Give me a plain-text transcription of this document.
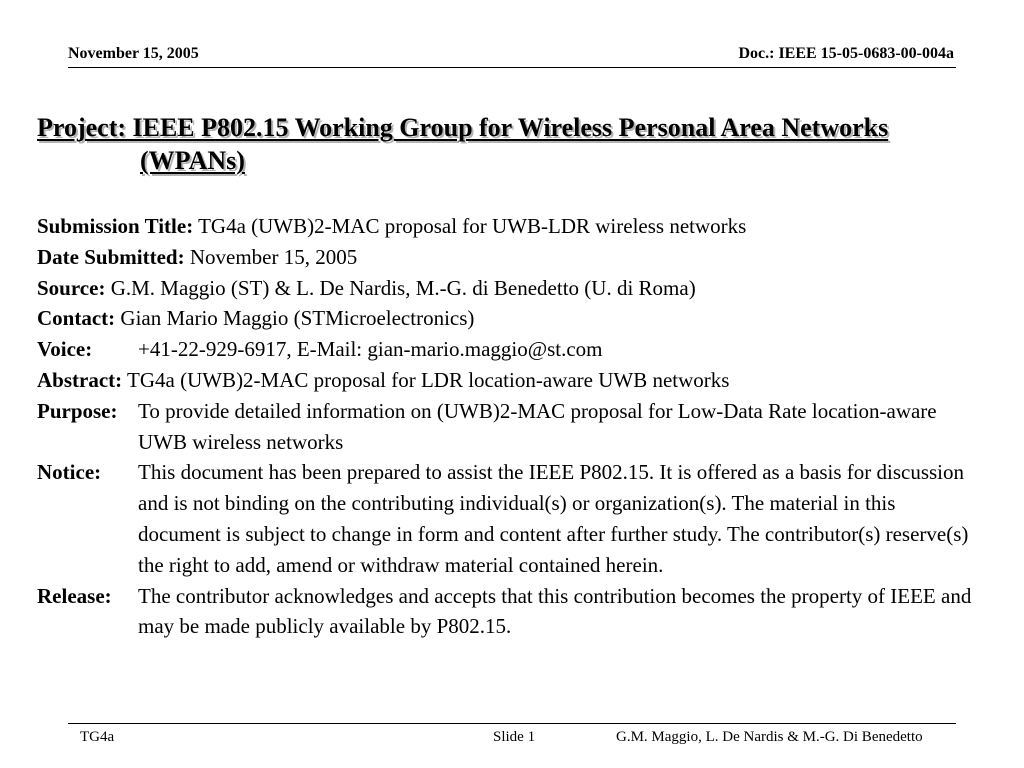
November 15, 2005	Doc.: IEEE 15-05-0683-00-004a
Project: IEEE P802.15 Working Group for Wireless Personal Area Networks
(WPANs)
Submission Title: TG4a (UWB)2-MAC proposal for UWB-LDR wireless networks
Date Submitted: November 15, 2005
Source: G.M. Maggio (ST) & L. De Nardis, M.-G. di Benedetto (U. di Roma)
Contact: Gian Mario Maggio (STMicroelectronics)
Voice:	+41-22-929-6917, E-Mail: gian-mario.maggio@st.com
Abstract: TG4a (UWB)2-MAC proposal for LDR location-aware UWB networks
Purpose: To provide detailed information on (UWB)2-MAC proposal for Low-Data Rate location-aware UWB wireless networks
Notice:	This document has been prepared to assist the IEEE P802.15. It is offered as a basis for discussion and is not binding on the contributing individual(s) or organization(s). The material in this document is subject to change in form and content after further study. The contributor(s) reserve(s) the right to add, amend or withdraw material contained herein.
Release:	The contributor acknowledges and accepts that this contribution becomes the property of IEEE and may be made publicly available by P802.15.
TG4a	Slide 1	G.M. Maggio, L. De Nardis & M.-G. Di Benedetto
